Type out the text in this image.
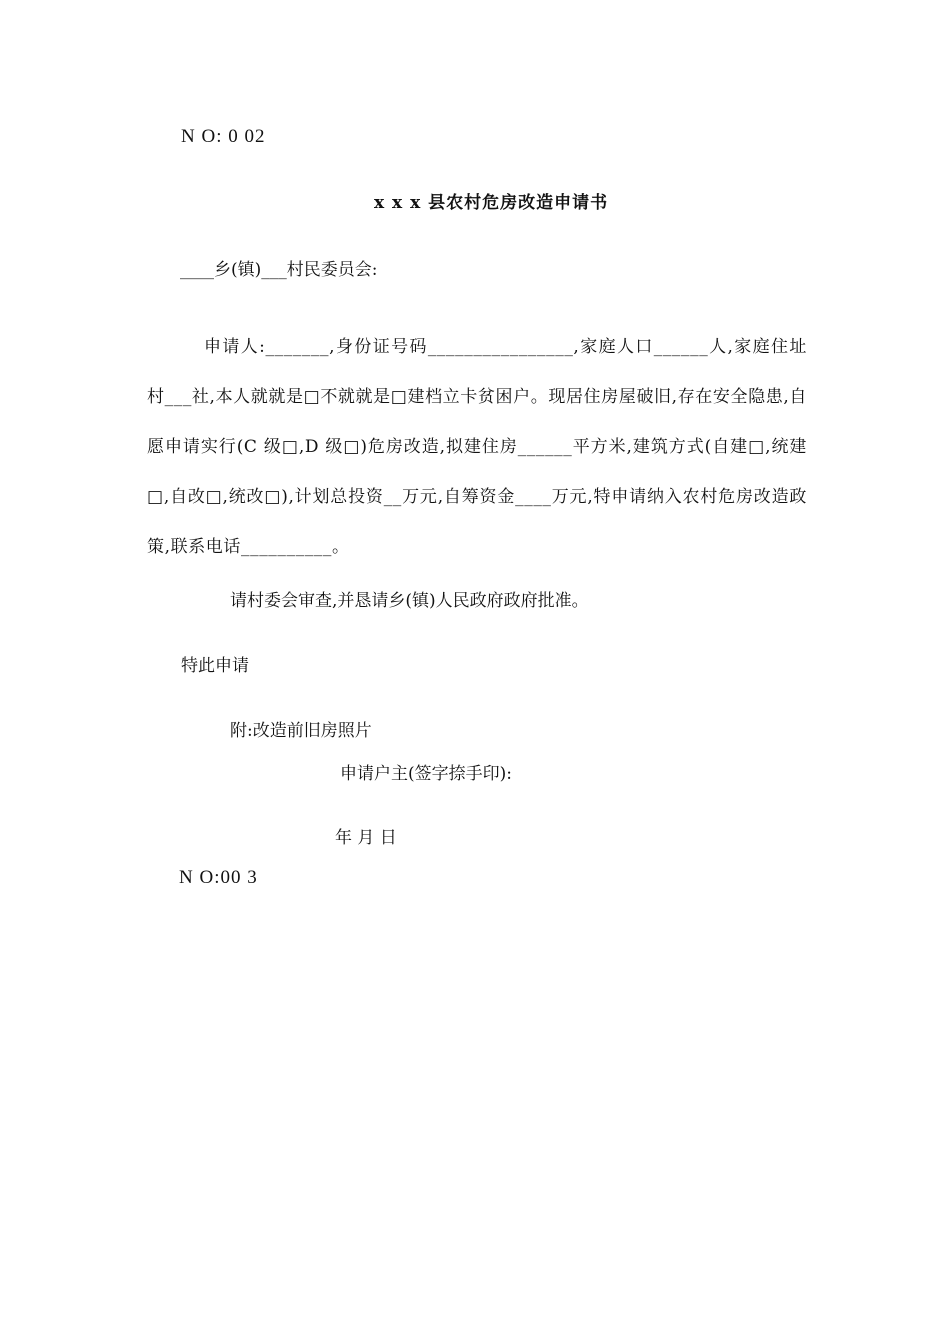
N O: 0 02
x x x 县农村危房改造申请书
____乡(镇)___村民委员会:
申请人:_______,身份证号码________________,家庭人口______人,家庭住址村___社,本人就就是□不就就是□建档立卡贫困户。现居住房屋破旧,存在安全隐患,自愿申请实行(C 级□,D 级□)危房改造,拟建住房______平方米,建筑方式(自建□,统建□,自改□,统改□),计划总投资__万元,自筹资金____万元,特申请纳入农村危房改造政策,联系电话__________。
请村委会审查,并恳请乡(镇)人民政府政府批准。
特此申请
附:改造前旧房照片
申请户主(签字捺手印):
年 月 日
N O:00 3
